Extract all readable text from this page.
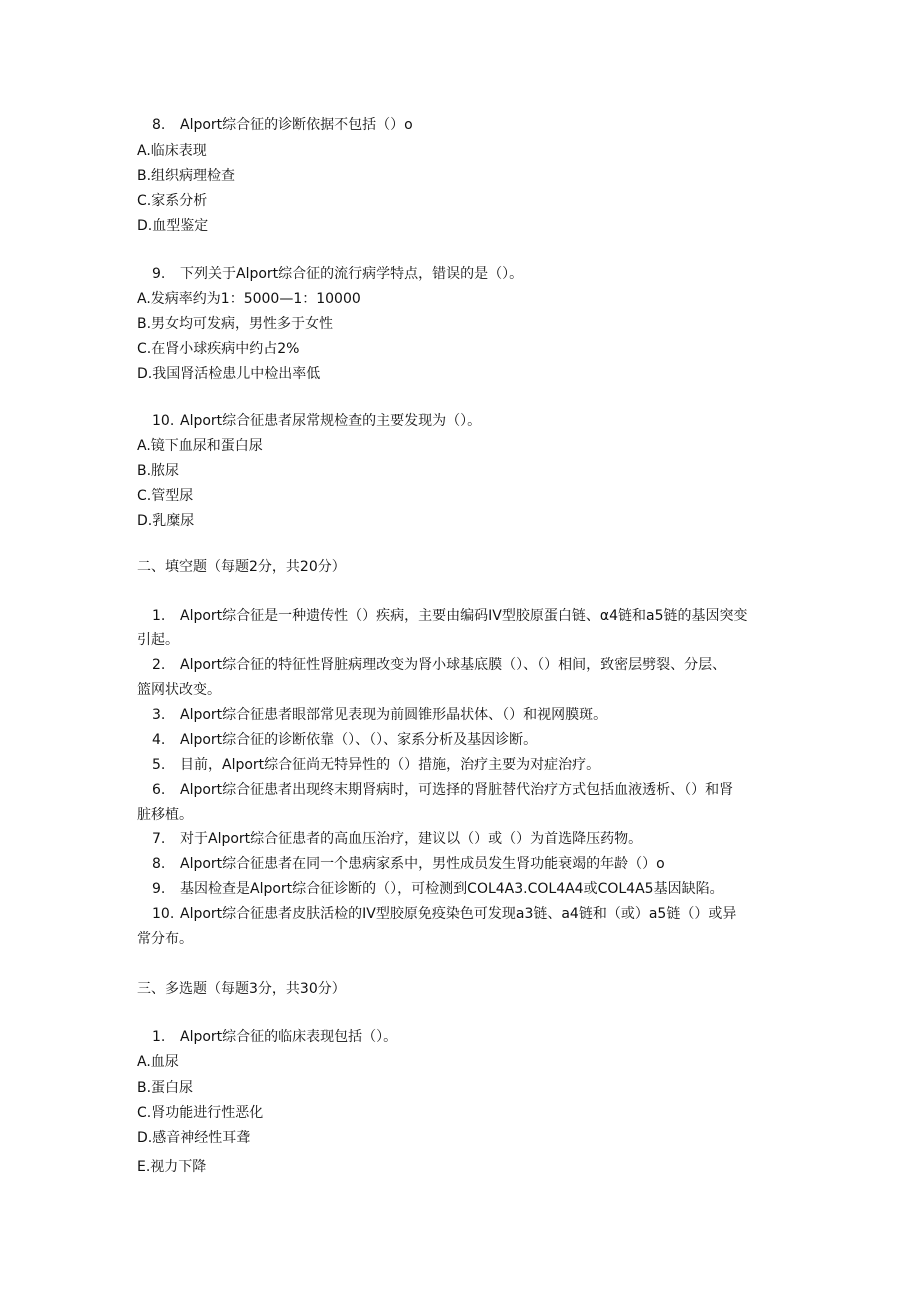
8. Alport综合征的诊断依据不包括（）o
A.临床表现
B.组织病理检查
C.家系分析
D.血型鉴定
9. 下列关于Alport综合征的流行病学特点，错误的是（）。
A.发病率约为1：5000—1：10000
B.男女均可发病，男性多于女性
C.在肾小球疾病中约占2%
D.我国肾活检患儿中检出率低
10. Alport综合征患者尿常规检查的主要发现为（）。
A.镜下血尿和蛋白尿
B.脓尿
C.管型尿
D.乳糜尿
二、填空题（每题2分，共20分）
1. Alport综合征是一种遗传性（）疾病，主要由编码IV型胶原蛋白链、α4链和a5链的基因突变
引起。
2. Alport综合征的特征性肾脏病理改变为肾小球基底膜（）、（）相间，致密层劈裂、分层、
篮网状改变。
3. Alport综合征患者眼部常见表现为前圆锥形晶状体、（）和视网膜斑。
4. Alport综合征的诊断依靠（）、（）、家系分析及基因诊断。
5. 目前，Alport综合征尚无特异性的（）措施，治疗主要为对症治疗。
6. Alport综合征患者出现终末期肾病时，可选择的肾脏替代治疗方式包括血液透析、（）和肾
脏移植。
7. 对于Alport综合征患者的高血压治疗，建议以（）或（）为首选降压药物。
8. Alport综合征患者在同一个患病家系中，男性成员发生肾功能衰竭的年龄（）o
9. 基因检查是Alport综合征诊断的（），可检测到COL4A3.COL4A4或COL4A5基因缺陷。
10. Alport综合征患者皮肤活检的IV型胶原免疫染色可发现a3链、a4链和（或）a5链（）或异
常分布。
三、多选题（每题3分，共30分）
1. Alport综合征的临床表现包括（）。
A.血尿
B.蛋白尿
C.肾功能进行性恶化
D.感音神经性耳聋
E.视力下降
